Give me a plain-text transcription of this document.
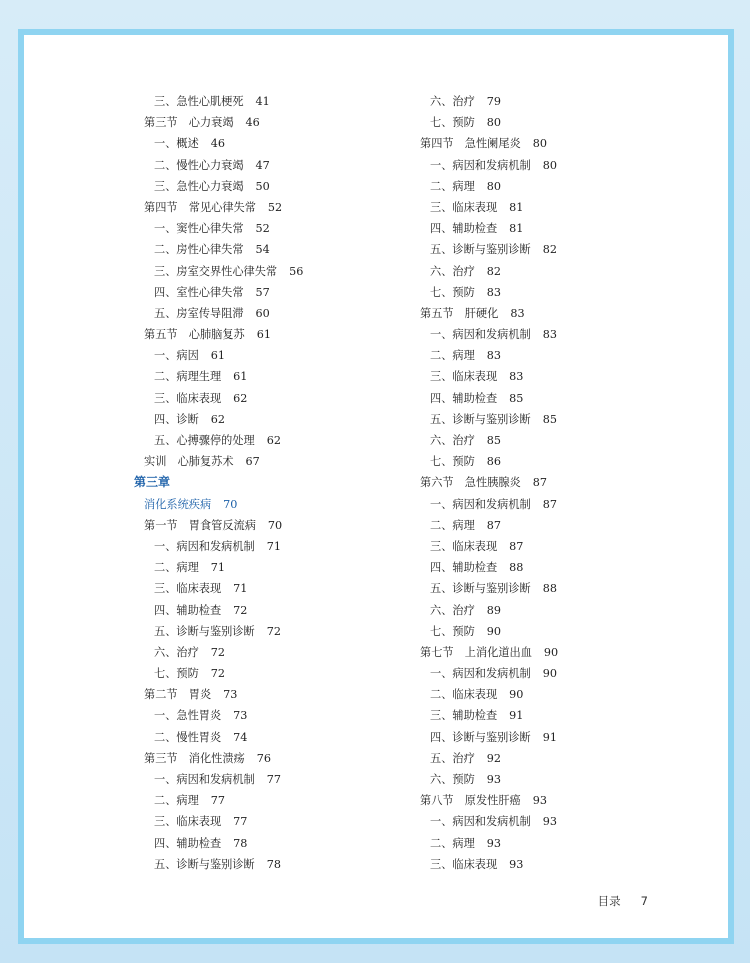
三、急性心肌梗死 41
第三节　心力衰竭 46
一、概述 46
二、慢性心力衰竭 47
三、急性心力衰竭 50
第四节　常见心律失常 52
一、窦性心律失常 52
二、房性心律失常 54
三、房室交界性心律失常 56
四、室性心律失常 57
五、房室传导阻滞 60
第五节　心肺脑复苏 61
一、病因 61
二、病理生理 61
三、临床表现 62
四、诊断 62
五、心搏骤停的处理 62
实训　心肺复苏术 67
第三章
消化系统疾病 70
第一节　胃食管反流病 70
一、病因和发病机制 71
二、病理 71
三、临床表现 71
四、辅助检查 72
五、诊断与鉴别诊断 72
六、治疗 72
七、预防 72
第二节　胃炎 73
一、急性胃炎 73
二、慢性胃炎 74
第三节　消化性溃疡 76
一、病因和发病机制 77
二、病理 77
三、临床表现 77
四、辅助检查 78
五、诊断与鉴别诊断 78
六、治疗 79
七、预防 80
第四节　急性阑尾炎 80
一、病因和发病机制 80
二、病理 80
三、临床表现 81
四、辅助检查 81
五、诊断与鉴别诊断 82
六、治疗 82
七、预防 83
第五节　肝硬化 83
一、病因和发病机制 83
二、病理 83
三、临床表现 83
四、辅助检查 85
五、诊断与鉴别诊断 85
六、治疗 85
七、预防 86
第六节　急性胰腺炎 87
一、病因和发病机制 87
二、病理 87
三、临床表现 87
四、辅助检查 88
五、诊断与鉴别诊断 88
六、治疗 89
七、预防 90
第七节　上消化道出血 90
一、病因和发病机制 90
二、临床表现 90
三、辅助检查 91
四、诊断与鉴别诊断 91
五、治疗 92
六、预防 93
第八节　原发性肝癌 93
一、病因和发病机制 93
二、病理 93
三、临床表现 93
目录 7
